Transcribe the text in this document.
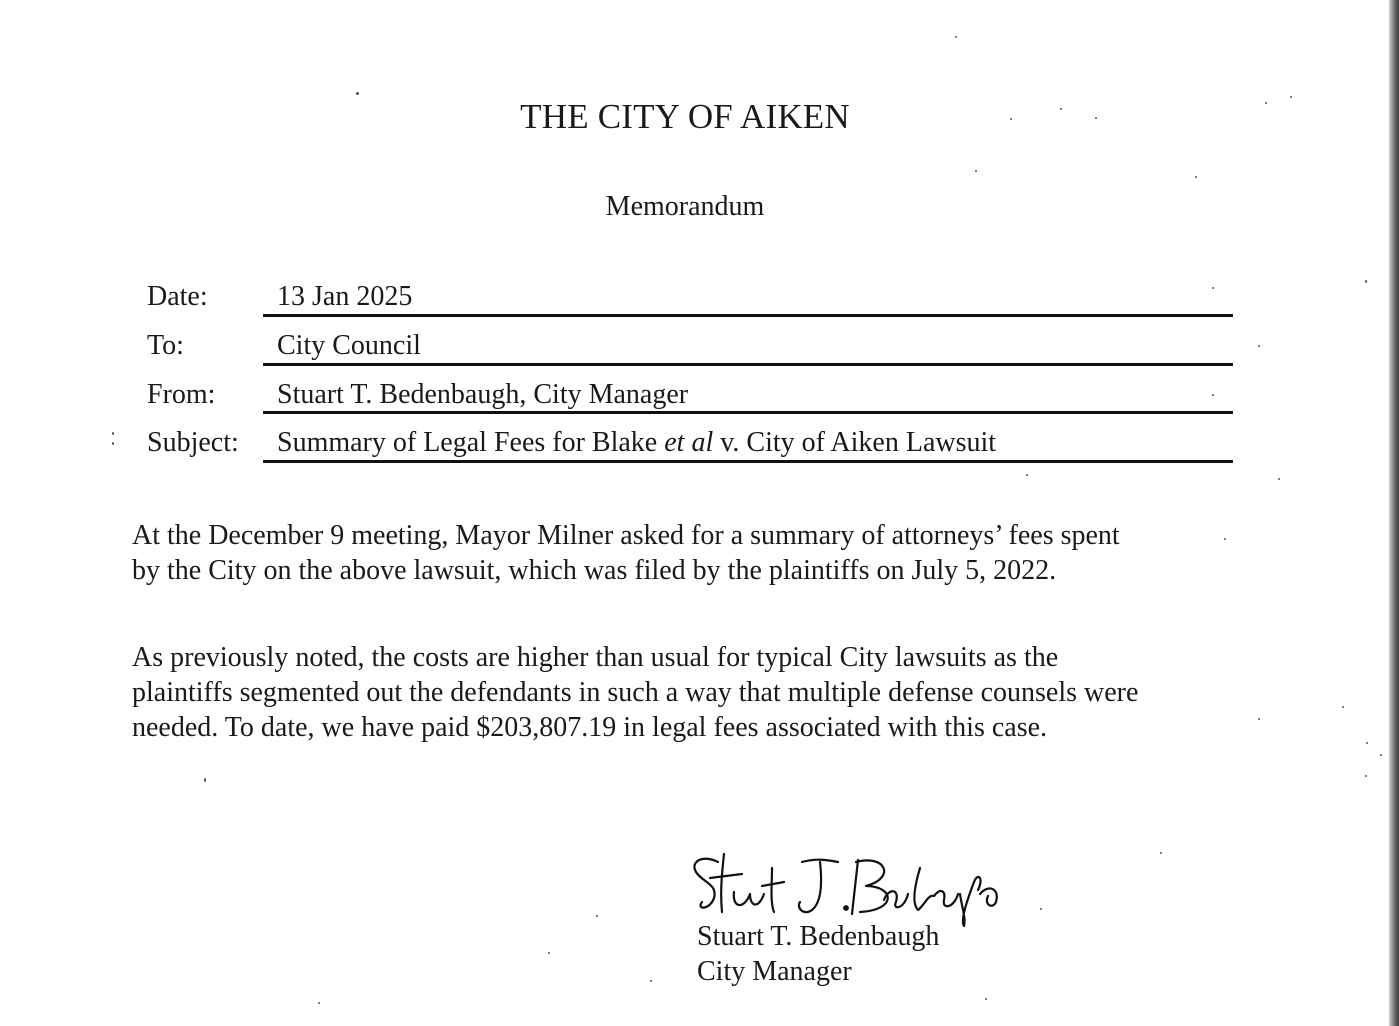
THE CITY OF AIKEN
Memorandum
Date: 13 Jan 2025
To:	City Council
From: Stuart T. Bedenbaugh, City Manager
Subject: Summary of Legal Fees for Blake et al v. City of Aiken Lawsuit
At the December 9 meeting, Mayor Milner asked for a summary of attorneys’ fees spent
by the City on the above lawsuit, which was filed by the plaintiffs on July 5, 2022.
As previously noted, the costs are higher than usual for typical City lawsuits as the
plaintiffs segmented out the defendants in such a way that multiple defense counsels were
needed. To date, we have paid $203,807.19 in legal fees associated with this case.
Stuart T. Bedenbaugh
City Manager
